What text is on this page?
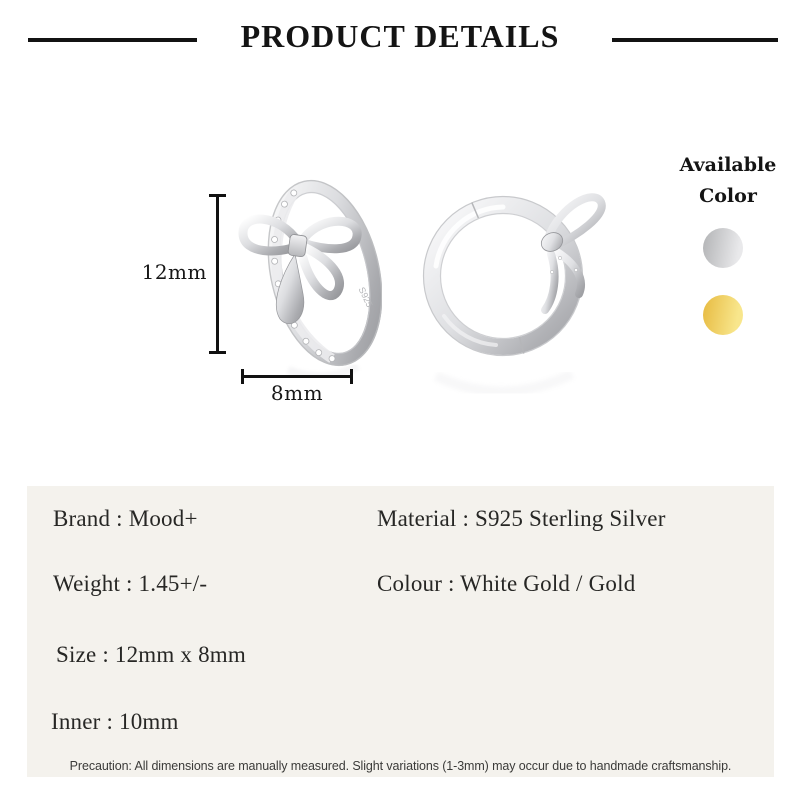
PRODUCT DETAILS
12mm
S925
8mm
Available
Color
Brand : Mood+	Material : S925 Sterling Silver
Weight : 1.45+/-	Colour : White Gold / Gold
Size : 12mm x 8mm
Inner : 10mm
Precaution: All dimensions are manually measured. Slight variations (1-3mm) may occur due to handmade craftsmanship.
